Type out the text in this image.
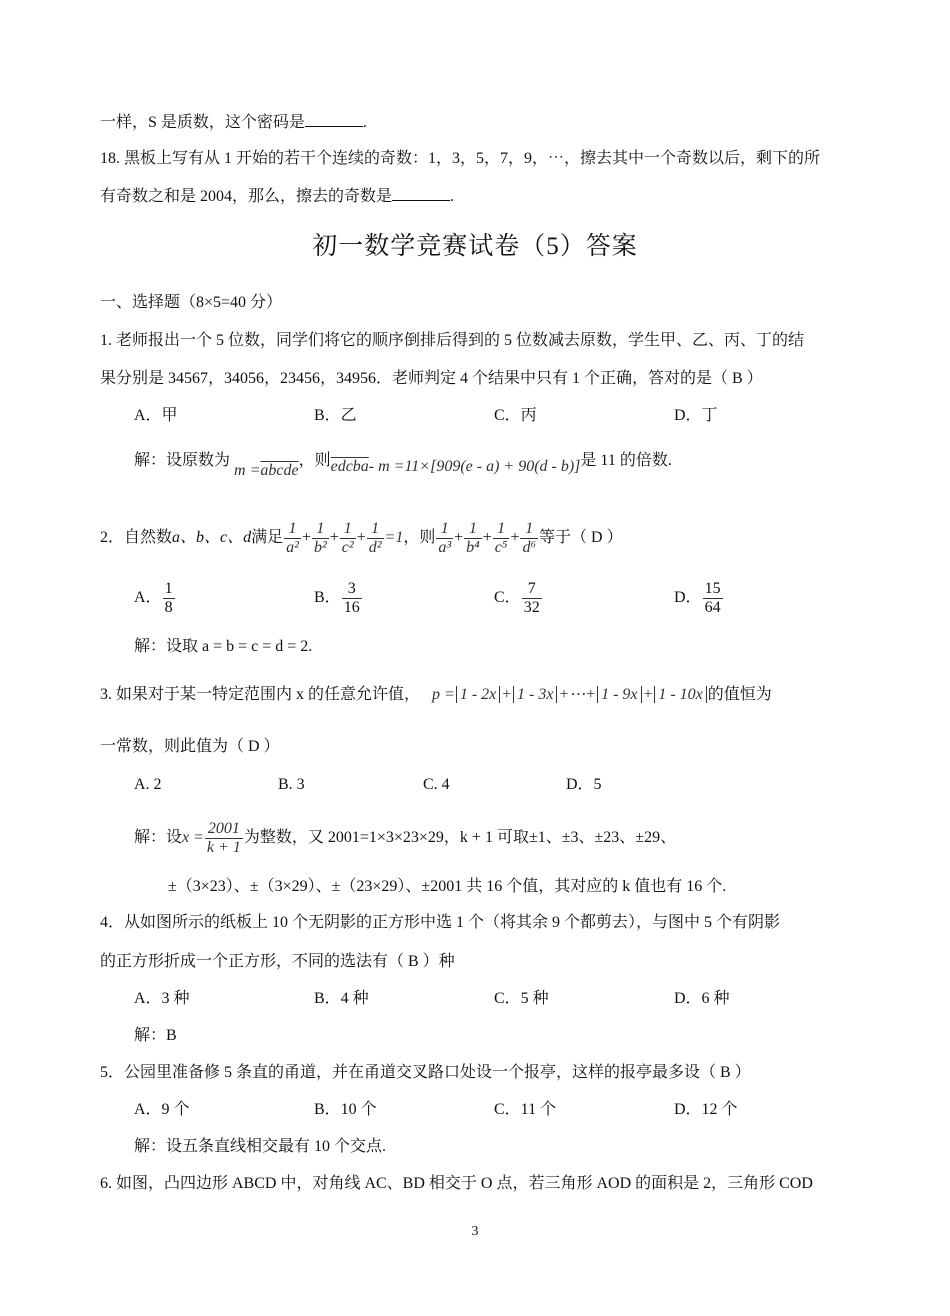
一样，S 是质数，这个密码是	.
18. 黑板上写有从 1 开始的若干个连续的奇数：1，3，5，7，9，⋯，擦去其中一个奇数以后，剩下的所
有奇数之和是 2004，那么，擦去的奇数是	.
初一数学竞赛试卷（5）答案
一、选择题（8×5=40 分）
1. 老师报出一个 5 位数，同学们将它的顺序倒排后得到的 5 位数减去原数，学生甲、乙、丙、丁的结
果分别是 34567，34056，23456，34956．老师判定 4 个结果中只有 1 个正确，答对的是（ B ）
A．甲	B．乙	C．丙	D．丁
解：设原数为 m =abcde，则edcba- m =11×[909(e - a) + 90(d - b)]是 11 的倍数.
2．自然数a、b、c、d满足 $\frac{1}{\text{a²}} + \frac{1}{\text{b²}} + \frac{1}{\text{c²}} + \frac{1}{\text{d²}} =1$，则 $\frac{1}{\text{a³}} + \frac{1}{\text{b⁴}} + \frac{1}{\text{c⁵}} + \frac{1}{\text{d⁶}}$ 等于（ D ）
A． $\frac{1}{8}$	B． $\frac{3}{16}$	C． $\frac{7}{32}$	D． $\frac{15}{64}$
解：设取 a = b = c = d = 2.
3. 如果对于某一特定范围内 x 的任意允许值， p = 1 - 2x + 1 - 3x +⋯+ 1 - 9x + 1 - 10x 的值恒为
一常数，则此值为（ D ）
A. 2	B. 3	C. 4	D．5
解：设$x = \frac{2001}{k + 1}$ 为整数，又 2001=1×3×23×29，k + 1 可取±1、±3、±23、±29、
±（3×23）、±（3×29）、±（23×29）、±2001 共 16 个值，其对应的 k 值也有 16 个.
4．从如图所示的纸板上 10 个无阴影的正方形中选 1 个（将其余 9 个都剪去），与图中 5 个有阴影
的正方形折成一个正方形，不同的选法有（ B ）种
A．3 种	B．4 种	C．5 种	D．6 种
解：B
5．公园里准备修 5 条直的甬道，并在甬道交叉路口处设一个报亭，这样的报亭最多设（ B ）
A．9 个	B．10 个	C．11 个	D．12 个
解：设五条直线相交最有 10 个交点.
6. 如图，凸四边形 ABCD 中，对角线 AC、BD 相交于 O 点，若三角形 AOD 的面积是 2，三角形 COD
3
